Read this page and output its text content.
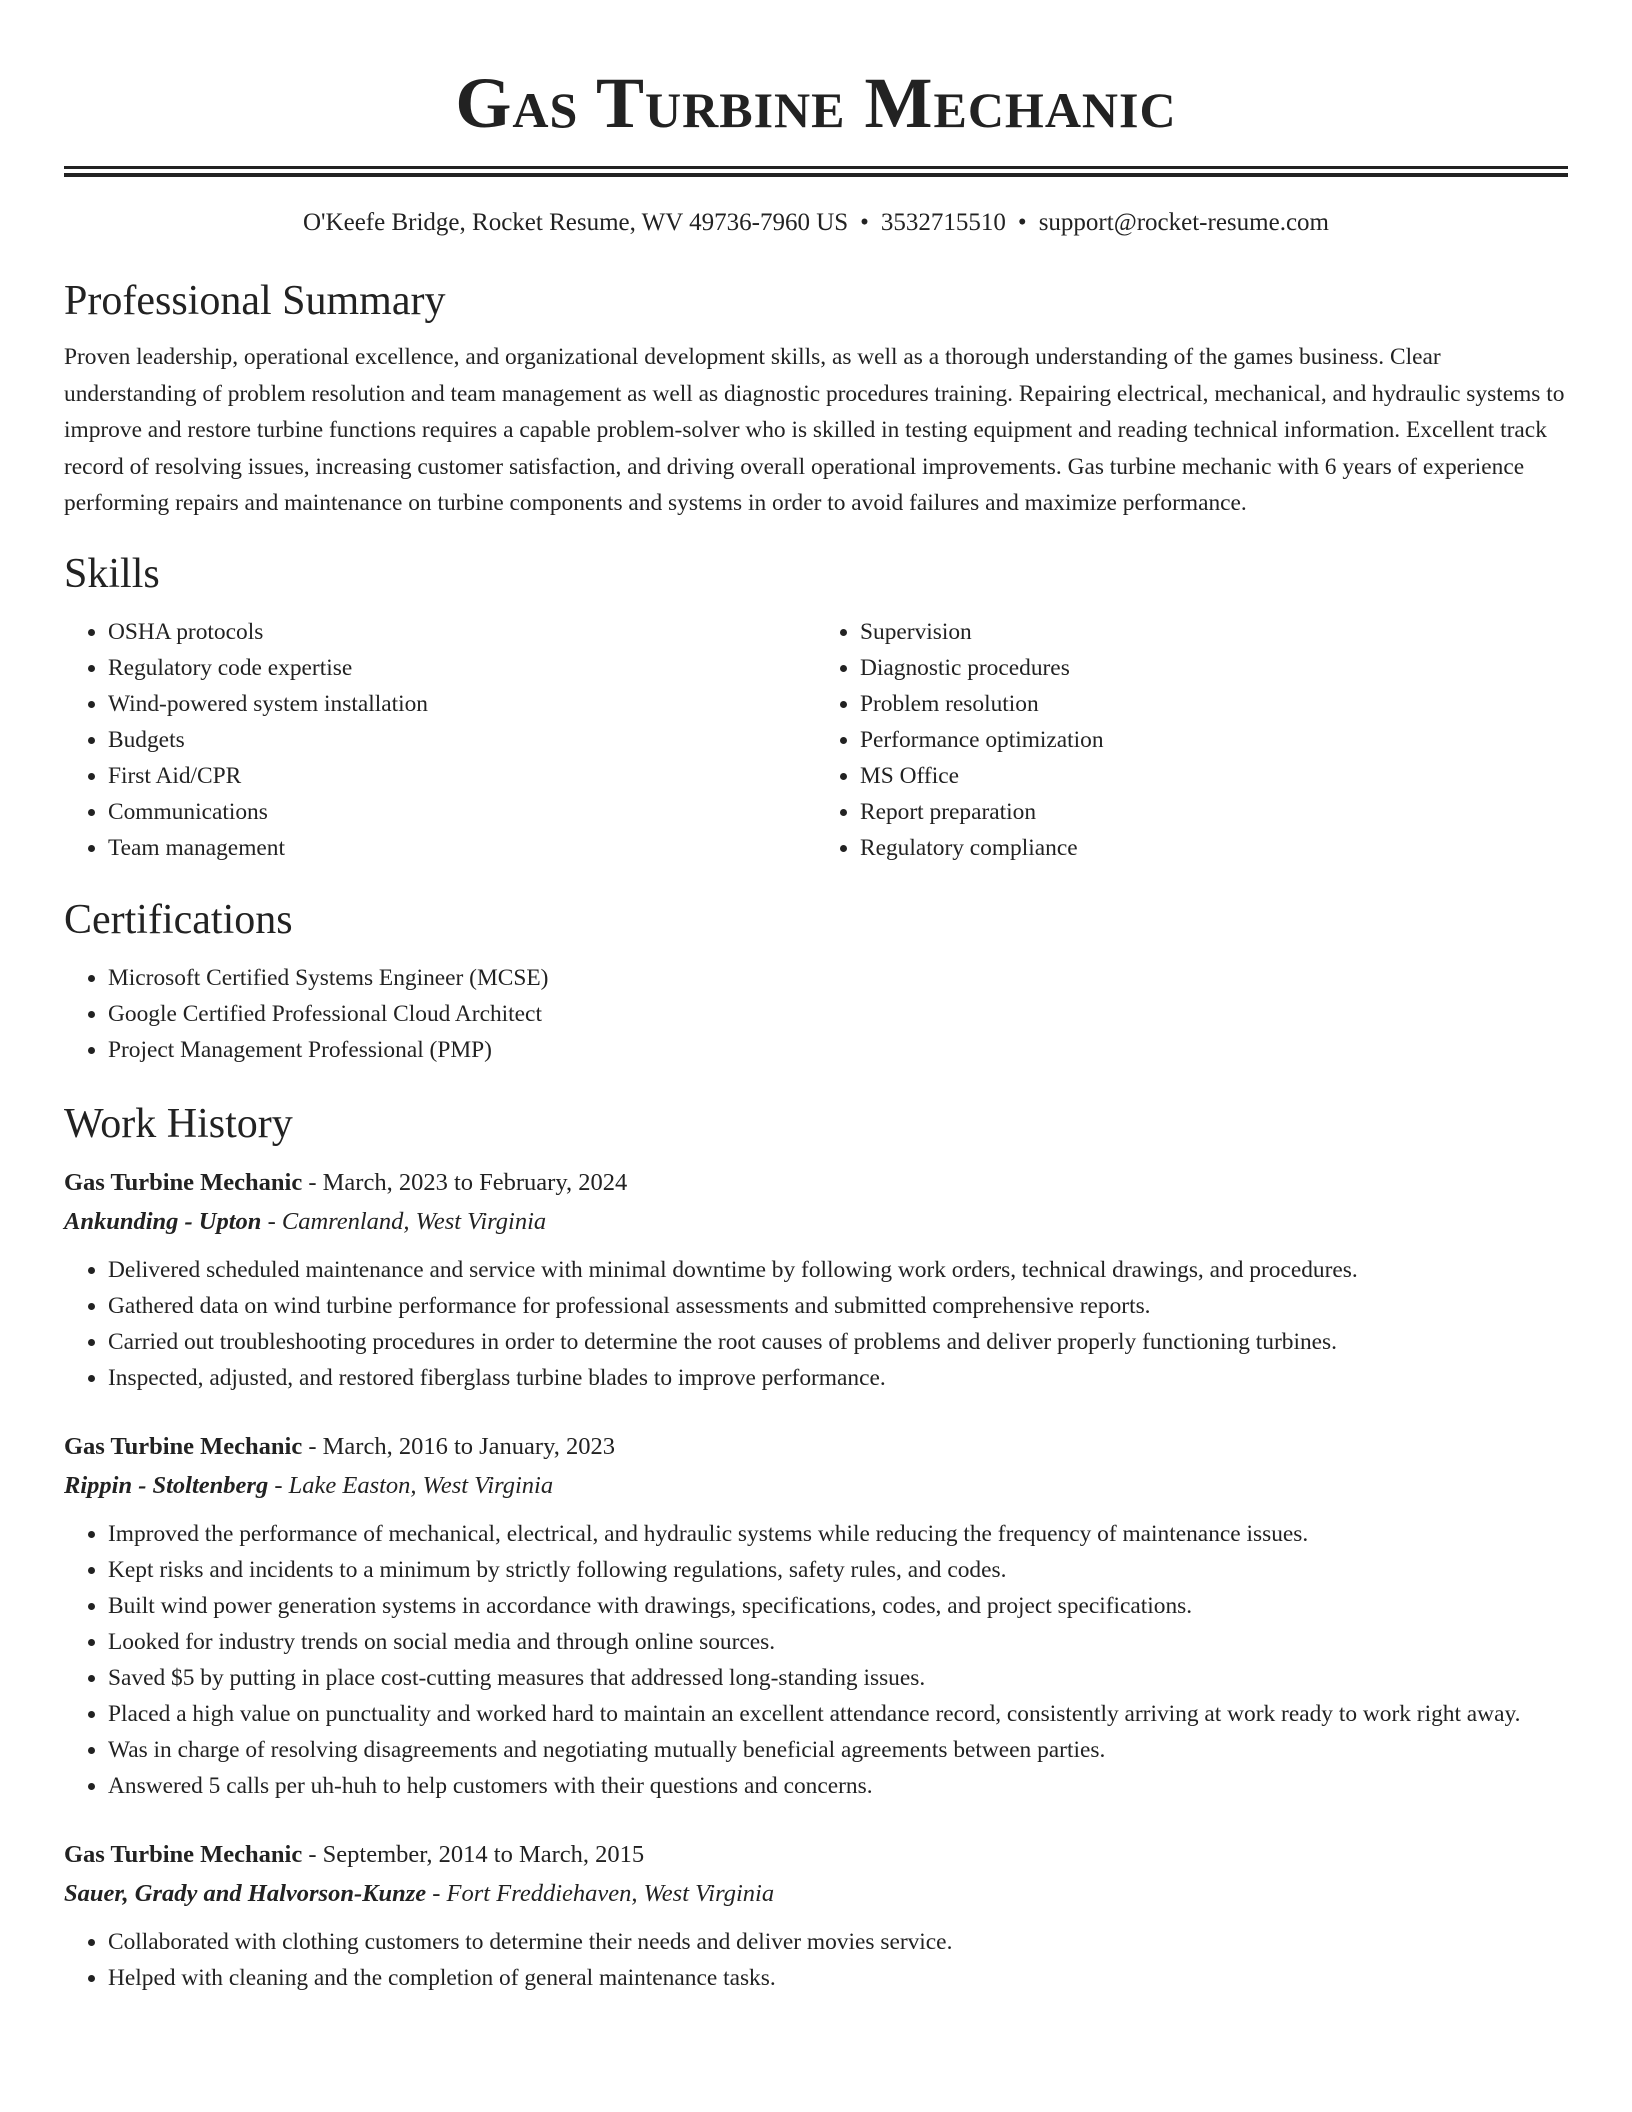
Gas Turbine Mechanic
O'Keefe Bridge, Rocket Resume, WV 49736-7960 US • 3532715510 • support@rocket-resume.com
Professional Summary
Proven leadership, operational excellence, and organizational development skills, as well as a thorough understanding of the games business. Clear understanding of problem resolution and team management as well as diagnostic procedures training. Repairing electrical, mechanical, and hydraulic systems to improve and restore turbine functions requires a capable problem-solver who is skilled in testing equipment and reading technical information. Excellent track record of resolving issues, increasing customer satisfaction, and driving overall operational improvements. Gas turbine mechanic with 6 years of experience performing repairs and maintenance on turbine components and systems in order to avoid failures and maximize performance.
Skills
• OSHA protocols
• Regulatory code expertise
• Wind-powered system installation
• Budgets
• First Aid/CPR
• Communications
• Team management
• Supervision
• Diagnostic procedures
• Problem resolution
• Performance optimization
• MS Office
• Report preparation
• Regulatory compliance
Certifications
• Microsoft Certified Systems Engineer (MCSE)
• Google Certified Professional Cloud Architect
• Project Management Professional (PMP)
Work History
Gas Turbine Mechanic - March, 2023 to February, 2024
Ankunding - Upton - Camrenland, West Virginia
• Delivered scheduled maintenance and service with minimal downtime by following work orders, technical drawings, and procedures.
• Gathered data on wind turbine performance for professional assessments and submitted comprehensive reports.
• Carried out troubleshooting procedures in order to determine the root causes of problems and deliver properly functioning turbines.
• Inspected, adjusted, and restored fiberglass turbine blades to improve performance.
Gas Turbine Mechanic - March, 2016 to January, 2023
Rippin - Stoltenberg - Lake Easton, West Virginia
• Improved the performance of mechanical, electrical, and hydraulic systems while reducing the frequency of maintenance issues.
• Kept risks and incidents to a minimum by strictly following regulations, safety rules, and codes.
• Built wind power generation systems in accordance with drawings, specifications, codes, and project specifications.
• Looked for industry trends on social media and through online sources.
• Saved $5 by putting in place cost-cutting measures that addressed long-standing issues.
• Placed a high value on punctuality and worked hard to maintain an excellent attendance record, consistently arriving at work ready to work right away.
• Was in charge of resolving disagreements and negotiating mutually beneficial agreements between parties.
• Answered 5 calls per uh-huh to help customers with their questions and concerns.
Gas Turbine Mechanic - September, 2014 to March, 2015
Sauer, Grady and Halvorson-Kunze - Fort Freddiehaven, West Virginia
• Collaborated with clothing customers to determine their needs and deliver movies service.
• Helped with cleaning and the completion of general maintenance tasks.
